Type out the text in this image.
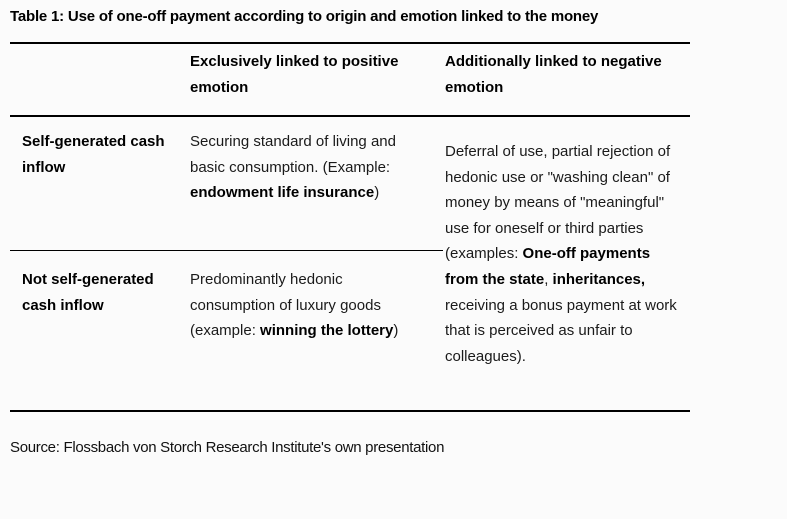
Table 1: Use of one-off payment according to origin and emotion linked to the money
Exclusively linked to positive emotion
Additionally linked to negative emotion
Self-generated cash inflow
Securing standard of living and basic consumption. (Example: endowment life insurance)
Deferral of use, partial rejection of hedonic use or "washing clean" of money by means of "meaningful" use for oneself or third parties (examples: One-off payments from the state, inheritances, receiving a bonus payment at work that is perceived as unfair to colleagues).
Not self-generated cash inflow
Predominantly hedonic consumption of luxury goods (example: winning the lottery)
Source: Flossbach von Storch Research Institute's own presentation
